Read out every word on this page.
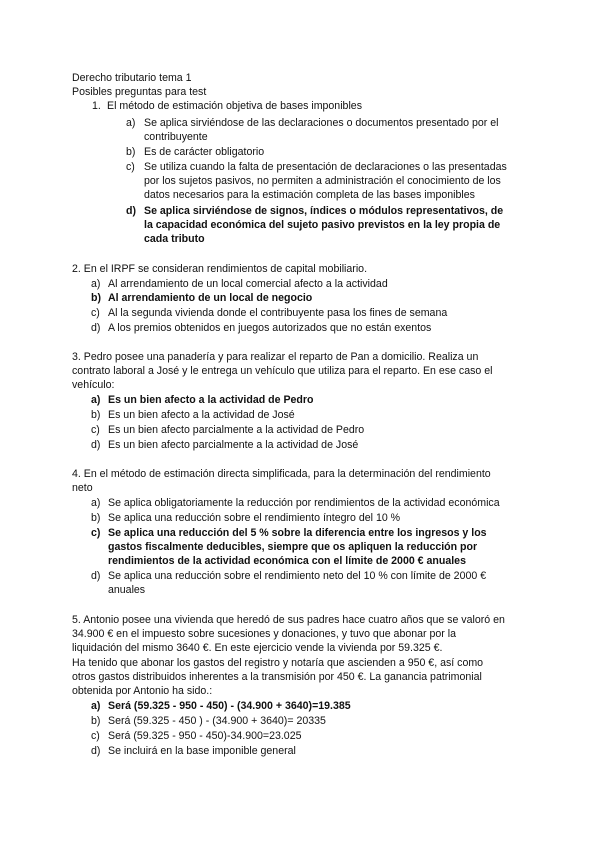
Derecho tributario tema 1
Posibles preguntas para test
1. El método de estimación objetiva de bases imponibles
a) Se aplica sirviéndose de las declaraciones o documentos presentado por el
contribuyente
b) Es de carácter obligatorio
c) Se utiliza cuando la falta de presentación de declaraciones o las presentadas
por los sujetos pasivos, no permiten a administración el conocimiento de los
datos necesarios para la estimación completa de las bases imponibles
d) Se aplica sirviéndose de signos, índices o módulos representativos, de
la capacidad económica del sujeto pasivo previstos en la ley propia de
cada tributo
2. En el IRPF se consideran rendimientos de capital mobiliario.
a) Al arrendamiento de un local comercial afecto a la actividad
b) Al arrendamiento de un local de negocio
c) Al la segunda vivienda donde el contribuyente pasa los fines de semana
d) A los premios obtenidos en juegos autorizados que no están exentos
3. Pedro posee una panadería y para realizar el reparto de Pan a domicilio. Realiza un
contrato laboral a José y le entrega un vehículo que utiliza para el reparto. En ese caso el
vehículo:
a) Es un bien afecto a la actividad de Pedro
b) Es un bien afecto a la actividad de José
c) Es un bien afecto parcialmente a la actividad de Pedro
d) Es un bien afecto parcialmente a la actividad de José
4. En el método de estimación directa simplificada, para la determinación del rendimiento
neto
a) Se aplica obligatoriamente la reducción por rendimientos de la actividad económica
b) Se aplica una reducción sobre el rendimiento íntegro del 10 %
c) Se aplica una reducción del 5 % sobre la diferencia entre los ingresos y los
gastos fiscalmente deducibles, siempre que os apliquen la reducción por
rendimientos de la actividad económica con el límite de 2000 € anuales
d) Se aplica una reducción sobre el rendimiento neto del 10 % con límite de 2000 €
anuales
5. Antonio posee una vivienda que heredó de sus padres hace cuatro años que se valoró en
34.900 € en el impuesto sobre sucesiones y donaciones, y tuvo que abonar por la
liquidación del mismo 3640 €. En este ejercicio vende la vivienda por 59.325 €.
Ha tenido que abonar los gastos del registro y notaría que ascienden a 950 €, así como
otros gastos distribuidos inherentes a la transmisión por 450 €. La ganancia patrimonial
obtenida por Antonio ha sido.:
a) Será (59.325 - 950 - 450) - (34.900 + 3640)=19.385
b) Será (59.325 - 450 ) - (34.900 + 3640)= 20335
c) Será (59.325 - 950 - 450)-34.900=23.025
d) Se incluirá en la base imponible general
